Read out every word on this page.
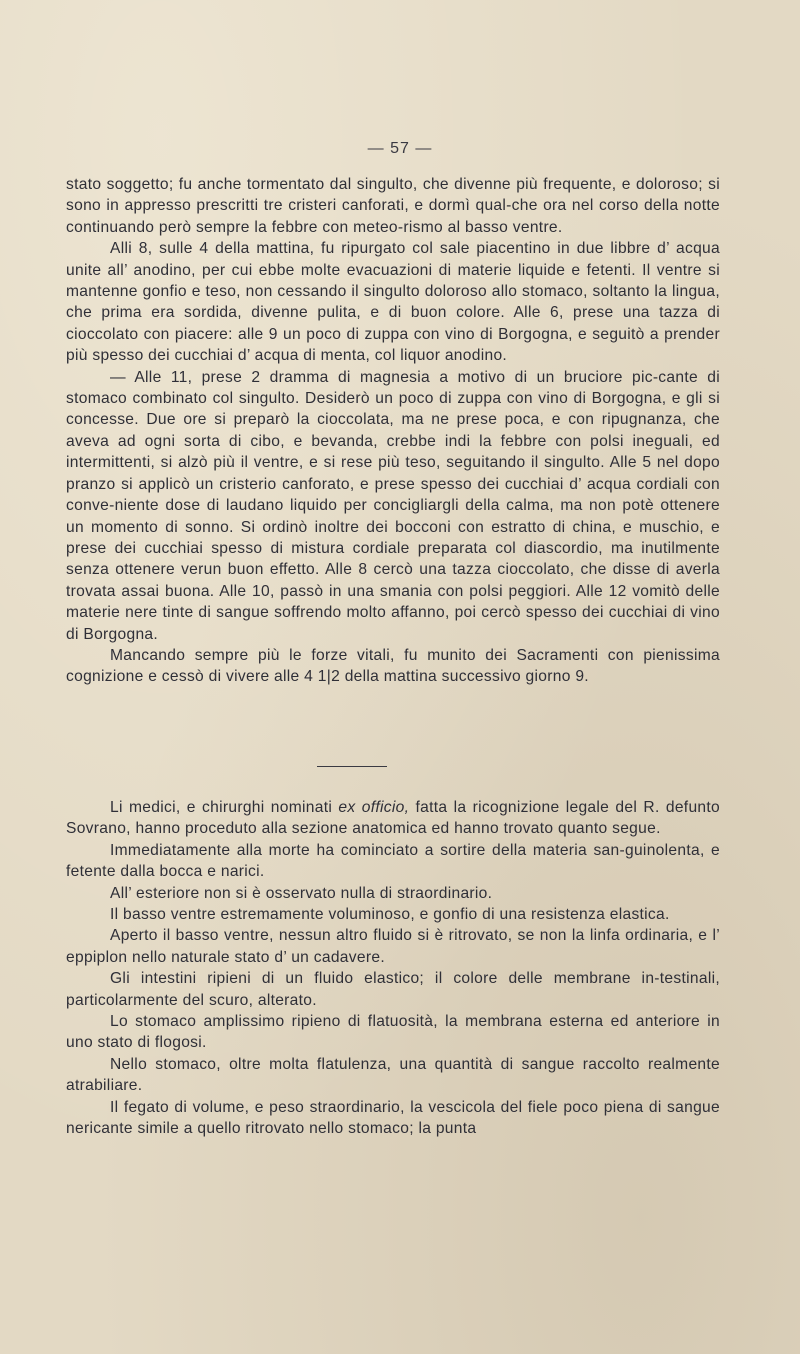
— 57 —

stato soggetto; fu anche tormentato dal singulto, che divenne più frequente, e doloroso; si sono in appresso prescritti tre cristeri canforati, e dormì qual-che ora nel corso della notte continuando però sempre la febbre con meteo-rismo al basso ventre.

Alli 8, sulle 4 della mattina, fu ripurgato col sale piacentino in due libbre d’ acqua unite all’ anodino, per cui ebbe molte evacuazioni di materie liquide e fetenti. Il ventre si mantenne gonfio e teso, non cessando il singulto doloroso allo stomaco, soltanto la lingua, che prima era sordida, divenne pulita, e di buon colore. Alle 6, prese una tazza di cioccolato con piacere: alle 9 un poco di zuppa con vino di Borgogna, e seguitò a prender più spesso dei cucchiai d’ acqua di menta, col liquor anodino.

— Alle 11, prese 2 dramma di magnesia a motivo di un bruciore pic-cante di stomaco combinato col singulto. Desiderò un poco di zuppa con vino di Borgogna, e gli si concesse. Due ore si preparò la cioccolata, ma ne prese poca, e con ripugnanza, che aveva ad ogni sorta di cibo, e bevanda, crebbe indi la febbre con polsi ineguali, ed intermittenti, si alzò più il ventre, e si rese più teso, seguitando il singulto. Alle 5 nel dopo pranzo si applicò un cristerio canforato, e prese spesso dei cucchiai d’ acqua cordiali con conve-niente dose di laudano liquido per concigliargli della calma, ma non potè ottenere un momento di sonno. Si ordinò inoltre dei bocconi con estratto di china, e muschio, e prese dei cucchiai spesso di mistura cordiale preparata col diascordio, ma inutilmente senza ottenere verun buon effetto. Alle 8 cercò una tazza cioccolato, che disse di averla trovata assai buona. Alle 10, passò in una smania con polsi peggiori. Alle 12 vomitò delle materie nere tinte di sangue soffrendo molto affanno, poi cercò spesso dei cucchiai di vino di Borgogna.

Mancando sempre più le forze vitali, fu munito dei Sacramenti con pienissima cognizione e cessò di vivere alle 4 1|2 della mattina successivo giorno 9.

Li medici, e chirurghi nominati ex officio, fatta la ricognizione legale del R. defunto Sovrano, hanno proceduto alla sezione anatomica ed hanno trovato quanto segue.

Immediatamente alla morte ha cominciato a sortire della materia san-guinolenta, e fetente dalla bocca e narici.

All’ esteriore non si è osservato nulla di straordinario.

Il basso ventre estremamente voluminoso, e gonfio di una resistenza elastica.

Aperto il basso ventre, nessun altro fluido si è ritrovato, se non la linfa ordinaria, e l’ eppiplon nello naturale stato d’ un cadavere.

Gli intestini ripieni di un fluido elastico; il colore delle membrane in-testinali, particolarmente del scuro, alterato.

Lo stomaco amplissimo ripieno di flatuosità, la membrana esterna ed anteriore in uno stato di flogosi.

Nello stomaco, oltre molta flatulenza, una quantità di sangue raccolto realmente atrabiliare.

Il fegato di volume, e peso straordinario, la vescicola del fiele poco piena di sangue nericante simile a quello ritrovato nello stomaco; la punta
